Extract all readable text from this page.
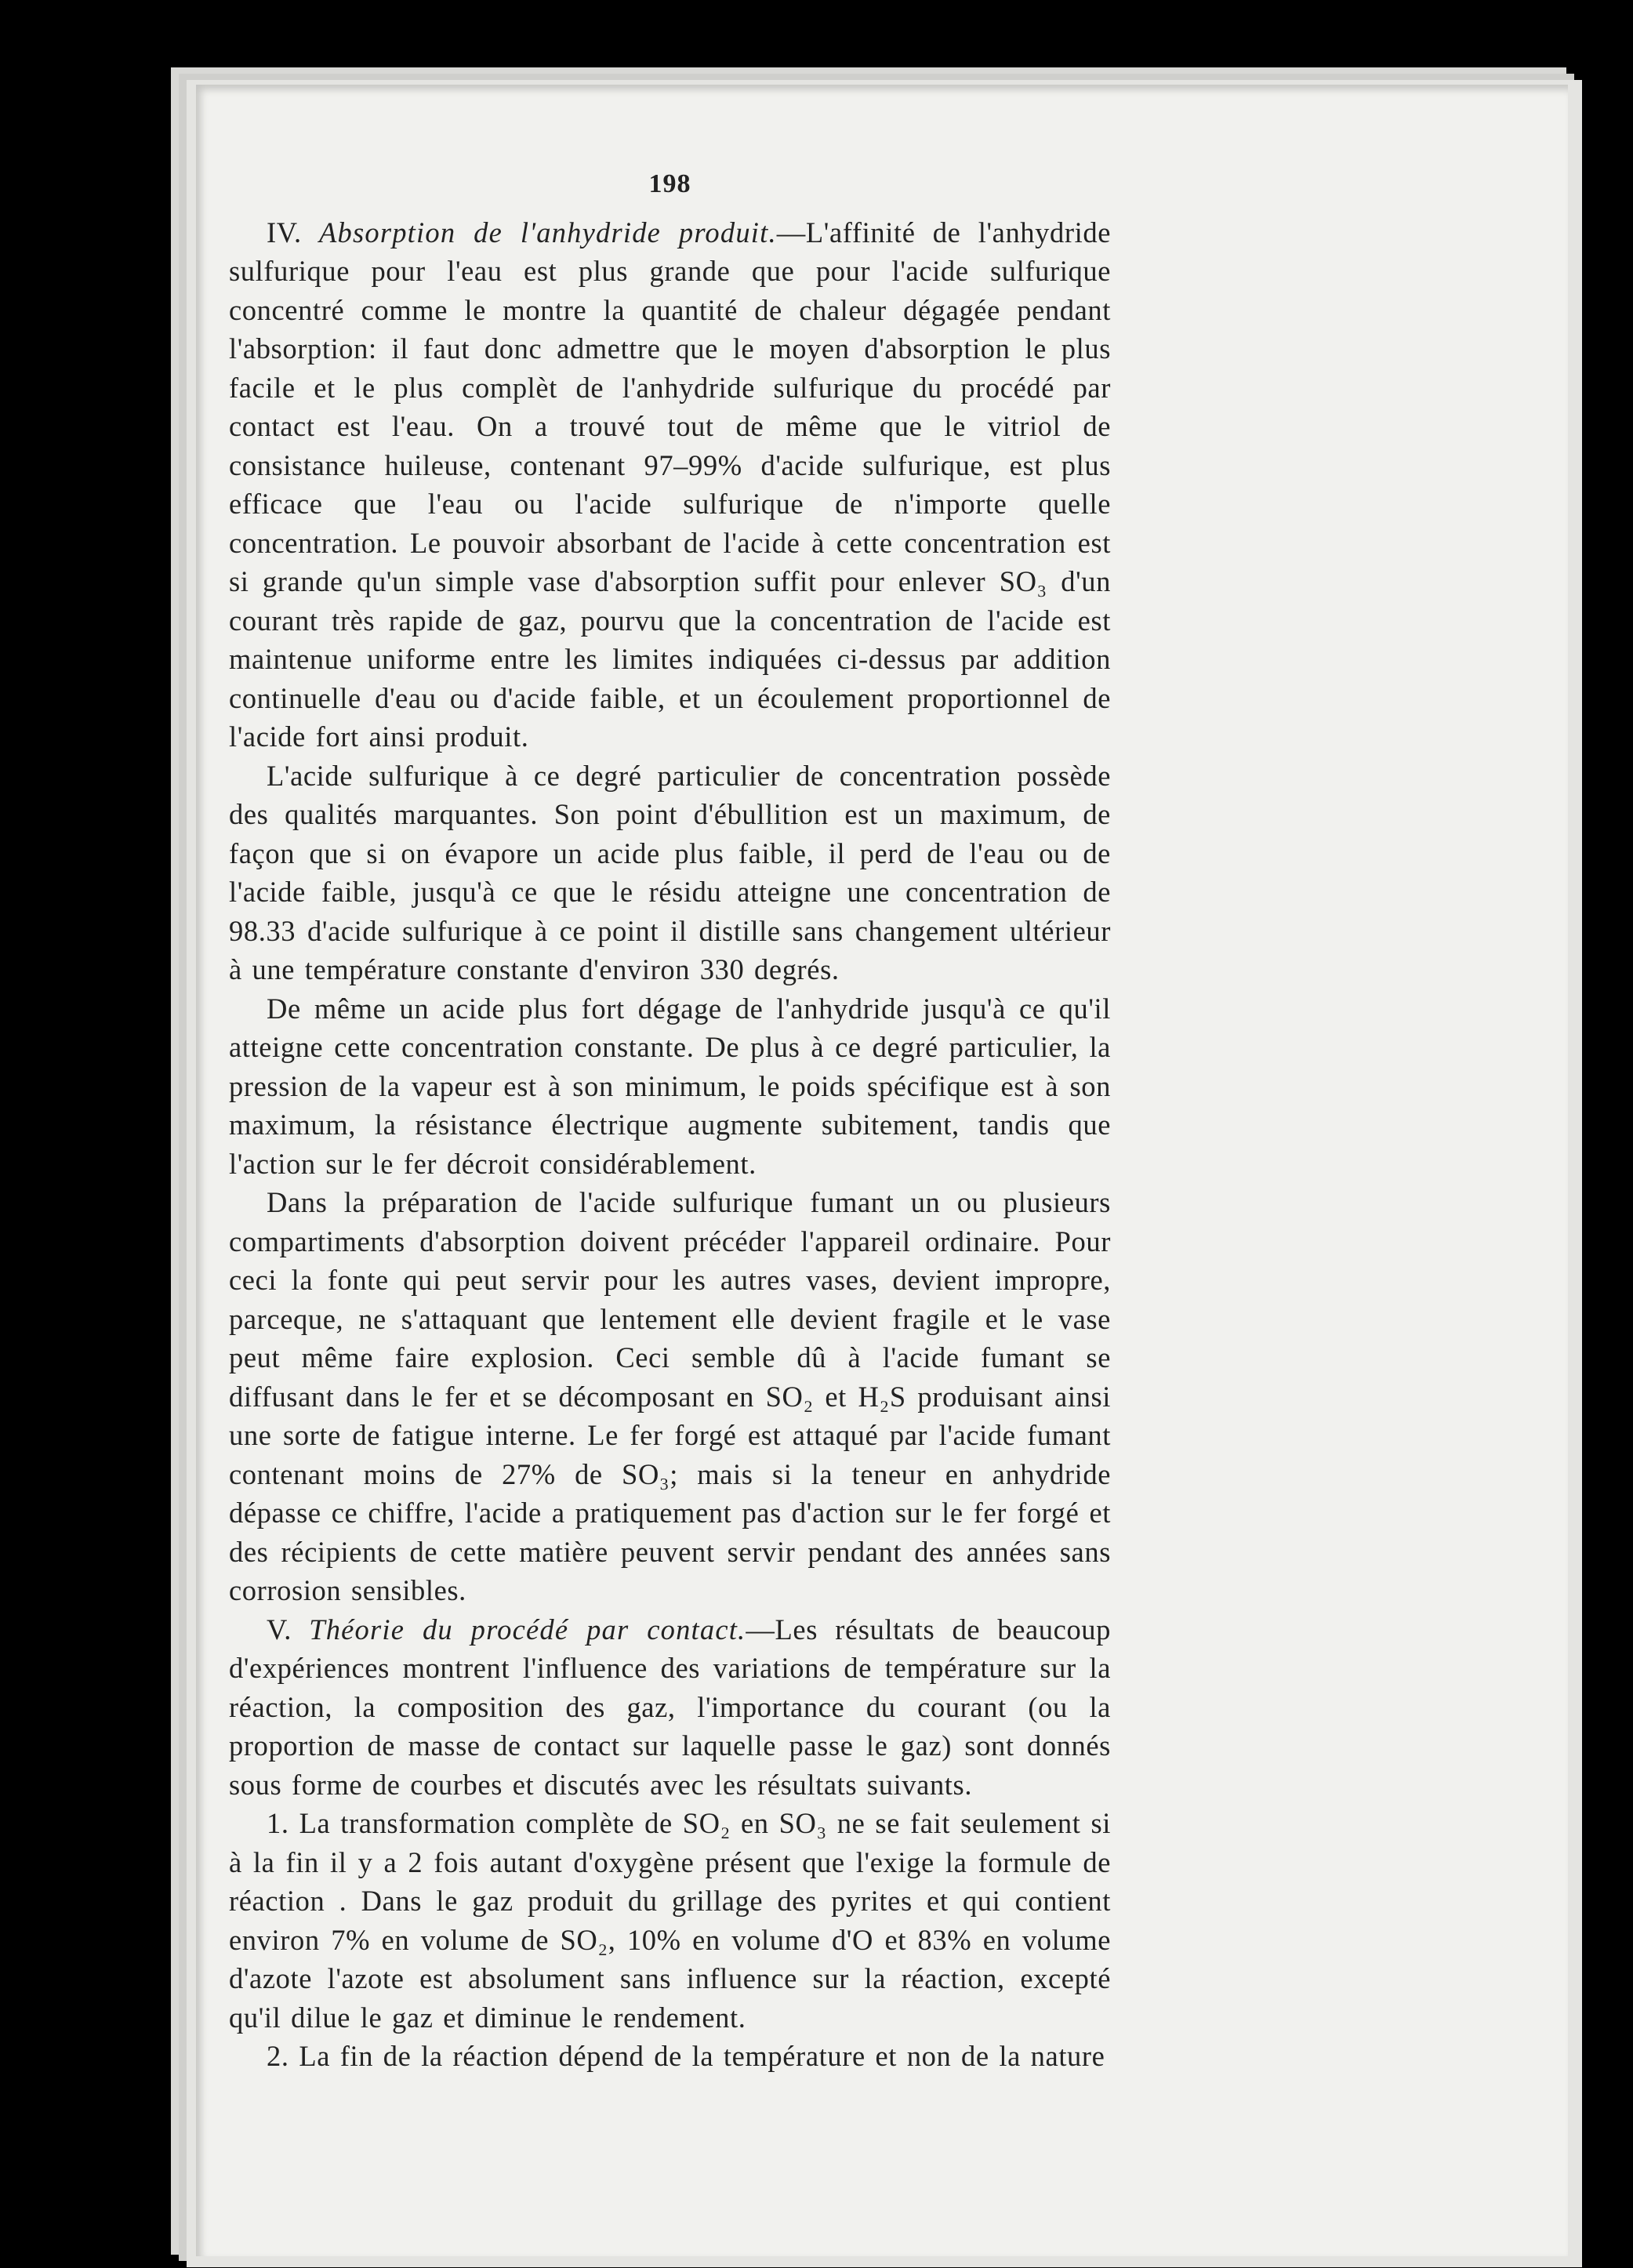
198

IV. Absorption de l'anhydride produit.—L'affinité de l'anhydride sulfurique pour l'eau est plus grande que pour l'acide sulfurique concentré comme le montre la quantité de chaleur dégagée pendant l'absorption: il faut donc admettre que le moyen d'absorption le plus facile et le plus complèt de l'anhydride sulfurique du procédé par contact est l'eau. On a trouvé tout de même que le vitriol de consistance huileuse, contenant 97–99% d'acide sulfurique, est plus efficace que l'eau ou l'acide sulfurique de n'importe quelle concentration. Le pouvoir absorbant de l'acide à cette concentration est si grande qu'un simple vase d'absorption suffit pour enlever SO₃ d'un courant très rapide de gaz, pourvu que la concentration de l'acide est maintenue uniforme entre les limites indiquées ci-dessus par addition continuelle d'eau ou d'acide faible, et un écoulement proportionnel de l'acide fort ainsi produit.

L'acide sulfurique à ce degré particulier de concentration possède des qualités marquantes. Son point d'ébullition est un maximum, de façon que si on évapore un acide plus faible, il perd de l'eau ou de l'acide faible, jusqu'à ce que le résidu atteigne une concentration de 98.33 d'acide sulfurique à ce point il distille sans changement ultérieur à une température constante d'environ 330 degrés.

De même un acide plus fort dégage de l'anhydride jusqu'à ce qu'il atteigne cette concentration constante. De plus à ce degré particulier, la pression de la vapeur est à son minimum, le poids spécifique est à son maximum, la résistance électrique augmente subitement, tandis que l'action sur le fer décroit considérablement.

Dans la préparation de l'acide sulfurique fumant un ou plusieurs compartiments d'absorption doivent précéder l'appareil ordinaire. Pour ceci la fonte qui peut servir pour les autres vases, devient impropre, parceque, ne s'attaquant que lentement elle devient fragile et le vase peut même faire explosion. Ceci semble dû à l'acide fumant se diffusant dans le fer et se décomposant en SO₂ et H₂S produisant ainsi une sorte de fatigue interne. Le fer forgé est attaqué par l'acide fumant contenant moins de 27% de SO₃; mais si la teneur en anhydride dépasse ce chiffre, l'acide a pratiquement pas d'action sur le fer forgé et des récipients de cette matière peuvent servir pendant des années sans corrosion sensibles.

V. Théorie du procédé par contact.—Les résultats de beaucoup d'expériences montrent l'influence des variations de température sur la réaction, la composition des gaz, l'importance du courant (ou la proportion de masse de contact sur laquelle passe le gaz) sont donnés sous forme de courbes et discutés avec les résultats suivants.

1. La transformation complète de SO₂ en SO₃ ne se fait seulement si à la fin il y a 2 fois autant d'oxygène présent que l'exige la formule de réaction . Dans le gaz produit du grillage des pyrites et qui contient environ 7% en volume de SO₂, 10% en volume d'O et 83% en volume d'azote l'azote est absolument sans influence sur la réaction, excepté qu'il dilue le gaz et diminue le rendement.

2. La fin de la réaction dépend de la température et non de la nature
